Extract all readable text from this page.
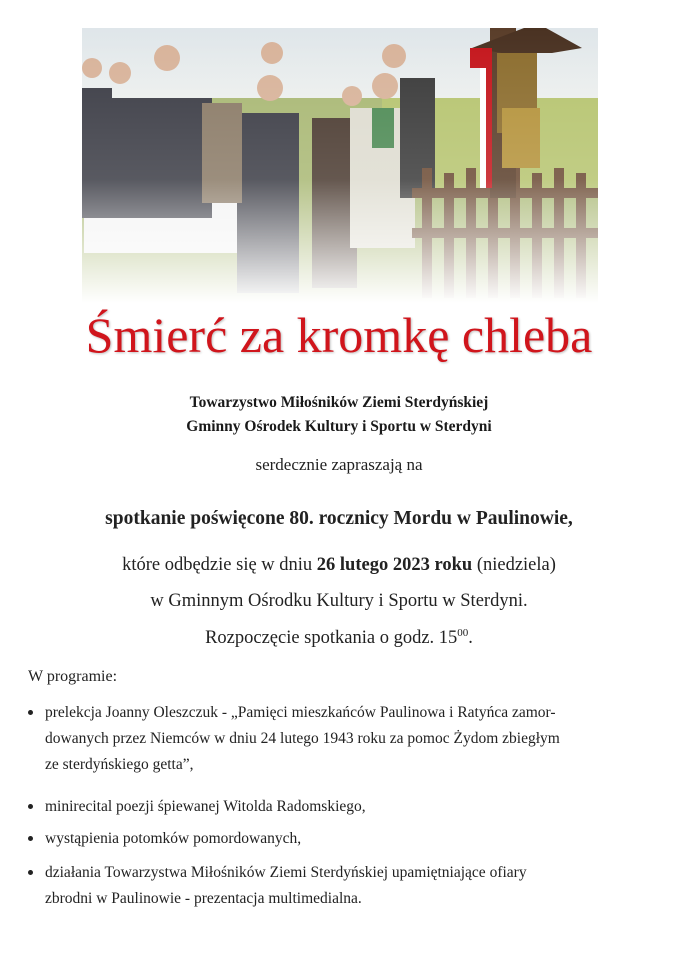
Śmierć za kromkę chleba
Towarzystwo Miłośników Ziemi Sterdyńskiej
Gminny Ośrodek Kultury i Sportu w Sterdyni
serdecznie zapraszają na
spotkanie poświęcone 80. rocznicy Mordu w Paulinowie,
które odbędzie się w dniu 26 lutego 2023 roku (niedziela)
w Gminnym Ośrodku Kultury i Sportu w Sterdyni.
Rozpoczęcie spotkania o godz. $15^{00}$.
W programie:
prelekcja Joanny Oleszczuk - „Pamięci mieszkańców Paulinowa i Ratyńca zamor-
dowanych przez Niemców w dniu 24 lutego 1943 roku za pomoc Żydom zbiegłym
ze sterdyńskiego getta”,
minirecital poezji śpiewanej Witolda Radomskiego,
wystąpienia potomków pomordowanych,
działania Towarzystwa Miłośników Ziemi Sterdyńskiej upamiętniające ofiary
zbrodni w Paulinowie - prezentacja multimedialna.
